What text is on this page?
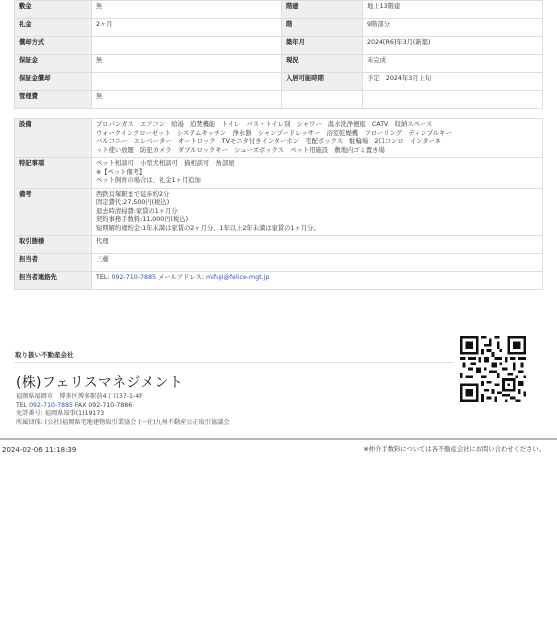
敷金	無	階建	地上13階建
礼金	2ヶ月	階	9階部分
償却方式		築年月	2024[R6]年3月(新築)
保証金	無	現況	未完成
保証金償却		入居可能時期	予定　2024年3月上旬
管理費	無		
設備	プロパンガス　エアコン　給湯　追焚機能　トイレ　バス・トイレ別　シャワー　温水洗浄便座　CATV　収納スペース
ウォークインクローゼット　システムキッチン　浄水器　シャンプードレッサー　浴室乾燥機　フローリング　ディンプルキー
バルコニー　エレベーター　オートロック　TVモニタ付きインターホン　宅配ボックス　駐輪場　2口コンロ　インターネ
ット使い放題　防犯カメラ　ダブルロックキー　シューズボックス　ペット用施設　敷地内ゴミ置き場

特記事項	ペット相談可　小型犬相談可　猫相談可　角部屋
※【ペット備考】
ペット飼育の場合は、礼金1ヶ月追加

備考	西鉄貝塚駅まで徒歩約2分
固定費代:27,500円(税込)
退去時清掃費:家賃の1ヶ月分
契約事務手数料:11,000円(税込)
短期解約違約金:1年未満は家賃の2ヶ月分、1年以上2年未満は家賃の1ヶ月分。

取引態様	代理
担当者	三藤
担当者連絡先	TEL: 092-710-7885 メールアドレス: mifuji@felice-mgt.jp
取り扱い不動産会社
(株)フェリスマネジメント
福岡県福岡市　博多区博多駅前4丁目37-1-4F
TEL 092-710-7885 FAX 092-710-7886
免許番号: 福岡県知事(1)19173
所属団体: (公社)福岡県宅地建物取引業協会 (一社)九州不動産公正取引協議会
2024-02-06 11:18:39	※仲介手数料については各不動産会社にお問い合わせください。
